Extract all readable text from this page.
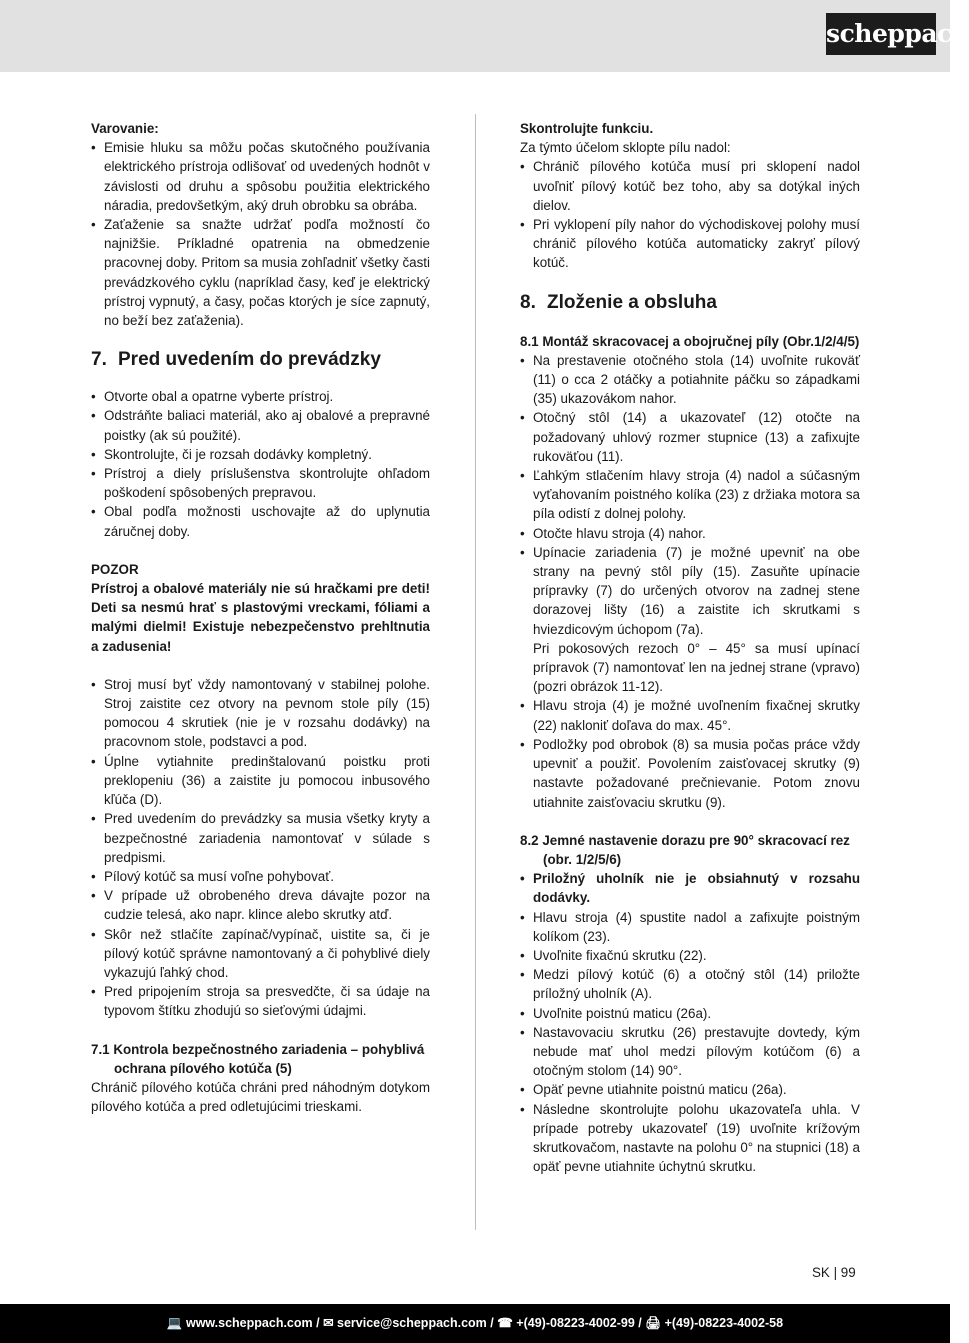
scheppach

Varovanie:

• Emisie hluku sa môžu počas skutočného používania elektrického prístroja odlišovať od uvedených hodnôt v závislosti od druhu a spôsobu použitia elektrického náradia, predovšetkým, aký druh obrobku sa obrába.
• Zaťaženie sa snažte udržať podľa možností čo najnižšie. Príkladné opatrenia na obmedzenie pracovnej doby. Pritom sa musia zohľadniť všetky časti prevádzkového cyklu (napríklad časy, keď je elektrický prístroj vypnutý, a časy, počas ktorých je síce zapnutý, no beží bez zaťaženia).
7. Pred uvedením do prevádzky
• Otvorte obal a opatrne vyberte prístroj.
• Odstráňte baliaci materiál, ako aj obalové a prepravné poistky (ak sú použité).
• Skontrolujte, či je rozsah dodávky kompletný.
• Prístroj a diely príslušenstva skontrolujte ohľadom poškodení spôsobených prepravou.
• Obal podľa možnosti uschovajte až do uplynutia záručnej doby.

POZOR

Prístroj a obalové materiály nie sú hračkami pre deti! Deti sa nesmú hrať s plastovými vreckami, fóliami a malými dielmi! Existuje nebezpečenstvo prehltnutia a zadusenia!

• Stroj musí byť vždy namontovaný v stabilnej polohe. Stroj zaistite cez otvory na pevnom stole píly (15) pomocou 4 skrutiek (nie je v rozsahu dodávky) na pracovnom stole, podstavci a pod.
• Úplne vytiahnite predinštalovanú poistku proti preklopeniu (36) a zaistite ju pomocou inbusového kľúča (D).
• Pred uvedením do prevádzky sa musia všetky kryty a bezpečnostné zariadenia namontovať v súlade s predpismi.
• Pílový kotúč sa musí voľne pohybovať.
• V prípade už obrobeného dreva dávajte pozor na cudzie telesá, ako napr. klince alebo skrutky atď.
• Skôr než stlačíte zapínač/vypínač, uistite sa, či je pílový kotúč správne namontovaný a či pohyblivé diely vykazujú ľahký chod.
• Pred pripojením stroja sa presvedčte, či sa údaje na typovom štítku zhodujú so sieťovými údajmi.

7.1 Kontrola bezpečnostného zariadenia – pohyblivá ochrana pílového kotúča (5)

Chránič pílového kotúča chráni pred náhodným dotykom pílového kotúča a pred odletujúcimi trieskami.

Skontrolujte funkciu.

Za týmto účelom sklopte pílu nadol:

• Chránič pílového kotúča musí pri sklopení nadol uvoľniť pílový kotúč bez toho, aby sa dotýkal iných dielov.
• Pri vyklopení píly nahor do východiskovej polohy musí chránič pílového kotúča automaticky zakryť pílový kotúč.
8. Zloženie a obsluha

8.1 Montáž skracovacej a obojručnej píly (Obr.1/2/4/5)

• Na prestavenie otočného stola (14) uvoľnite rukoväť (11) o cca 2 otáčky a potiahnite páčku so západkami (35) ukazovákom nahor.
• Otočný stôl (14) a ukazovateľ (12) otočte na požadovaný uhlový rozmer stupnice (13) a zafixujte rukoväťou (11).
• Ľahkým stlačením hlavy stroja (4) nadol a súčasným vyťahovaním poistného kolíka (23) z držiaka motora sa píla odistí z dolnej polohy.
• Otočte hlavu stroja (4) nahor.
• Upínacie zariadenia (7) je možné upevniť na obe strany na pevný stôl píly (15). Zasuňte upínacie prípravky (7) do určených otvorov na zadnej stene dorazovej lišty (16) a zaistite ich skrutkami s hviezdicovým úchopom (7a).
Pri pokosových rezoch 0° – 45° sa musí upínací prípravok (7) namontovať len na jednej strane (vpravo) (pozri obrázok 11-12).
• Hlavu stroja (4) je možné uvoľnením fixačnej skrutky (22) nakloniť doľava do max. 45°.
• Podložky pod obrobok (8) sa musia počas práce vždy upevniť a použiť. Povolením zaisťovacej skrutky (9) nastavte požadované prečnievanie. Potom znovu utiahnite zaisťovaciu skrutku (9).

8.2 Jemné nastavenie dorazu pre 90° skracovací rez (obr. 1/2/5/6)

• Priložný uholník nie je obsiahnutý v rozsahu dodávky.
• Hlavu stroja (4) spustite nadol a zafixujte poistným kolíkom (23).
• Uvoľnite fixačnú skrutku (22).
• Medzi pílový kotúč (6) a otočný stôl (14) priložte príložný uholník (A).
• Uvoľnite poistnú maticu (26a).
• Nastavovaciu skrutku (26) prestavujte dovtedy, kým nebude mať uhol medzi pílovým kotúčom (6) a otočným stolom (14) 90°.
• Opäť pevne utiahnite poistnú maticu (26a).
• Následne skontrolujte polohu ukazovateľa uhla. V prípade potreby ukazovateľ (19) uvoľnite krížovým skrutkovačom, nastavte na polohu 0° na stupnici (18) a opäť pevne utiahnite úchytnú skrutku.
SK | 99
💻 www.scheppach.com / ✉ service@scheppach.com / ☎ +(49)-08223-4002-99 / 🖨 +(49)-08223-4002-58
